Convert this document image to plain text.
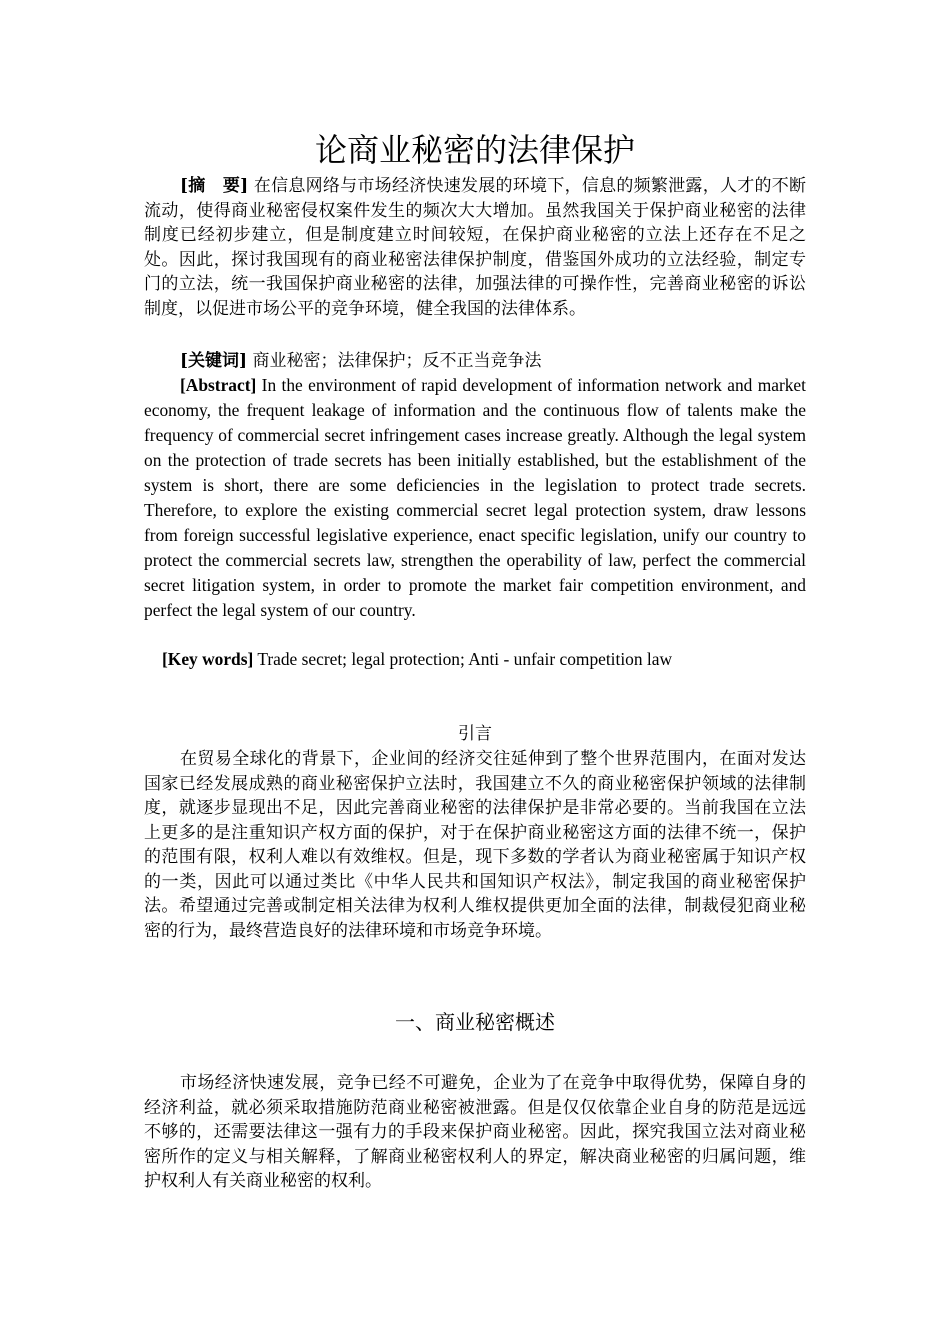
论商业秘密的法律保护

[摘　要] 在信息网络与市场经济快速发展的环境下，信息的频繁泄露，人才的不断流动，使得商业秘密侵权案件发生的频次大大增加。虽然我国关于保护商业秘密的法律制度已经初步建立，但是制度建立时间较短，在保护商业秘密的立法上还存在不足之处。因此，探讨我国现有的商业秘密法律保护制度，借鉴国外成功的立法经验，制定专门的立法，统一我国保护商业秘密的法律，加强法律的可操作性，完善商业秘密的诉讼制度，以促进市场公平的竞争环境，健全我国的法律体系。

[关键词] 商业秘密；法律保护；反不正当竞争法

[Abstract] In the environment of rapid development of information network and market economy, the frequent leakage of information and the continuous flow of talents make the frequency of commercial secret infringement cases increase greatly. Although the legal system on the protection of trade secrets has been initially established, but the establishment of the system is short, there are some deficiencies in the legislation to protect trade secrets. Therefore, to explore the existing commercial secret legal protection system, draw lessons from foreign successful legislative experience, enact specific legislation, unify our country to protect the commercial secrets law, strengthen the operability of law, perfect the commercial secret litigation system, in order to promote the market fair competition environment, and perfect the legal system of our country.

[Key words] Trade secret; legal protection; Anti - unfair competition law

引言

在贸易全球化的背景下，企业间的经济交往延伸到了整个世界范围内，在面对发达国家已经发展成熟的商业秘密保护立法时，我国建立不久的商业秘密保护领域的法律制度，就逐步显现出不足，因此完善商业秘密的法律保护是非常必要的。当前我国在立法上更多的是注重知识产权方面的保护，对于在保护商业秘密这方面的法律不统一，保护的范围有限，权利人难以有效维权。但是，现下多数的学者认为商业秘密属于知识产权的一类，因此可以通过类比《中华人民共和国知识产权法》，制定我国的商业秘密保护法。希望通过完善或制定相关法律为权利人维权提供更加全面的法律，制裁侵犯商业秘密的行为，最终营造良好的法律环境和市场竞争环境。

一、商业秘密概述

市场经济快速发展，竞争已经不可避免，企业为了在竞争中取得优势，保障自身的经济利益，就必须采取措施防范商业秘密被泄露。但是仅仅依靠企业自身的防范是远远不够的，还需要法律这一强有力的手段来保护商业秘密。因此，探究我国立法对商业秘密所作的定义与相关解释，了解商业秘密权利人的界定，解决商业秘密的归属问题，维护权利人有关商业秘密的权利。
